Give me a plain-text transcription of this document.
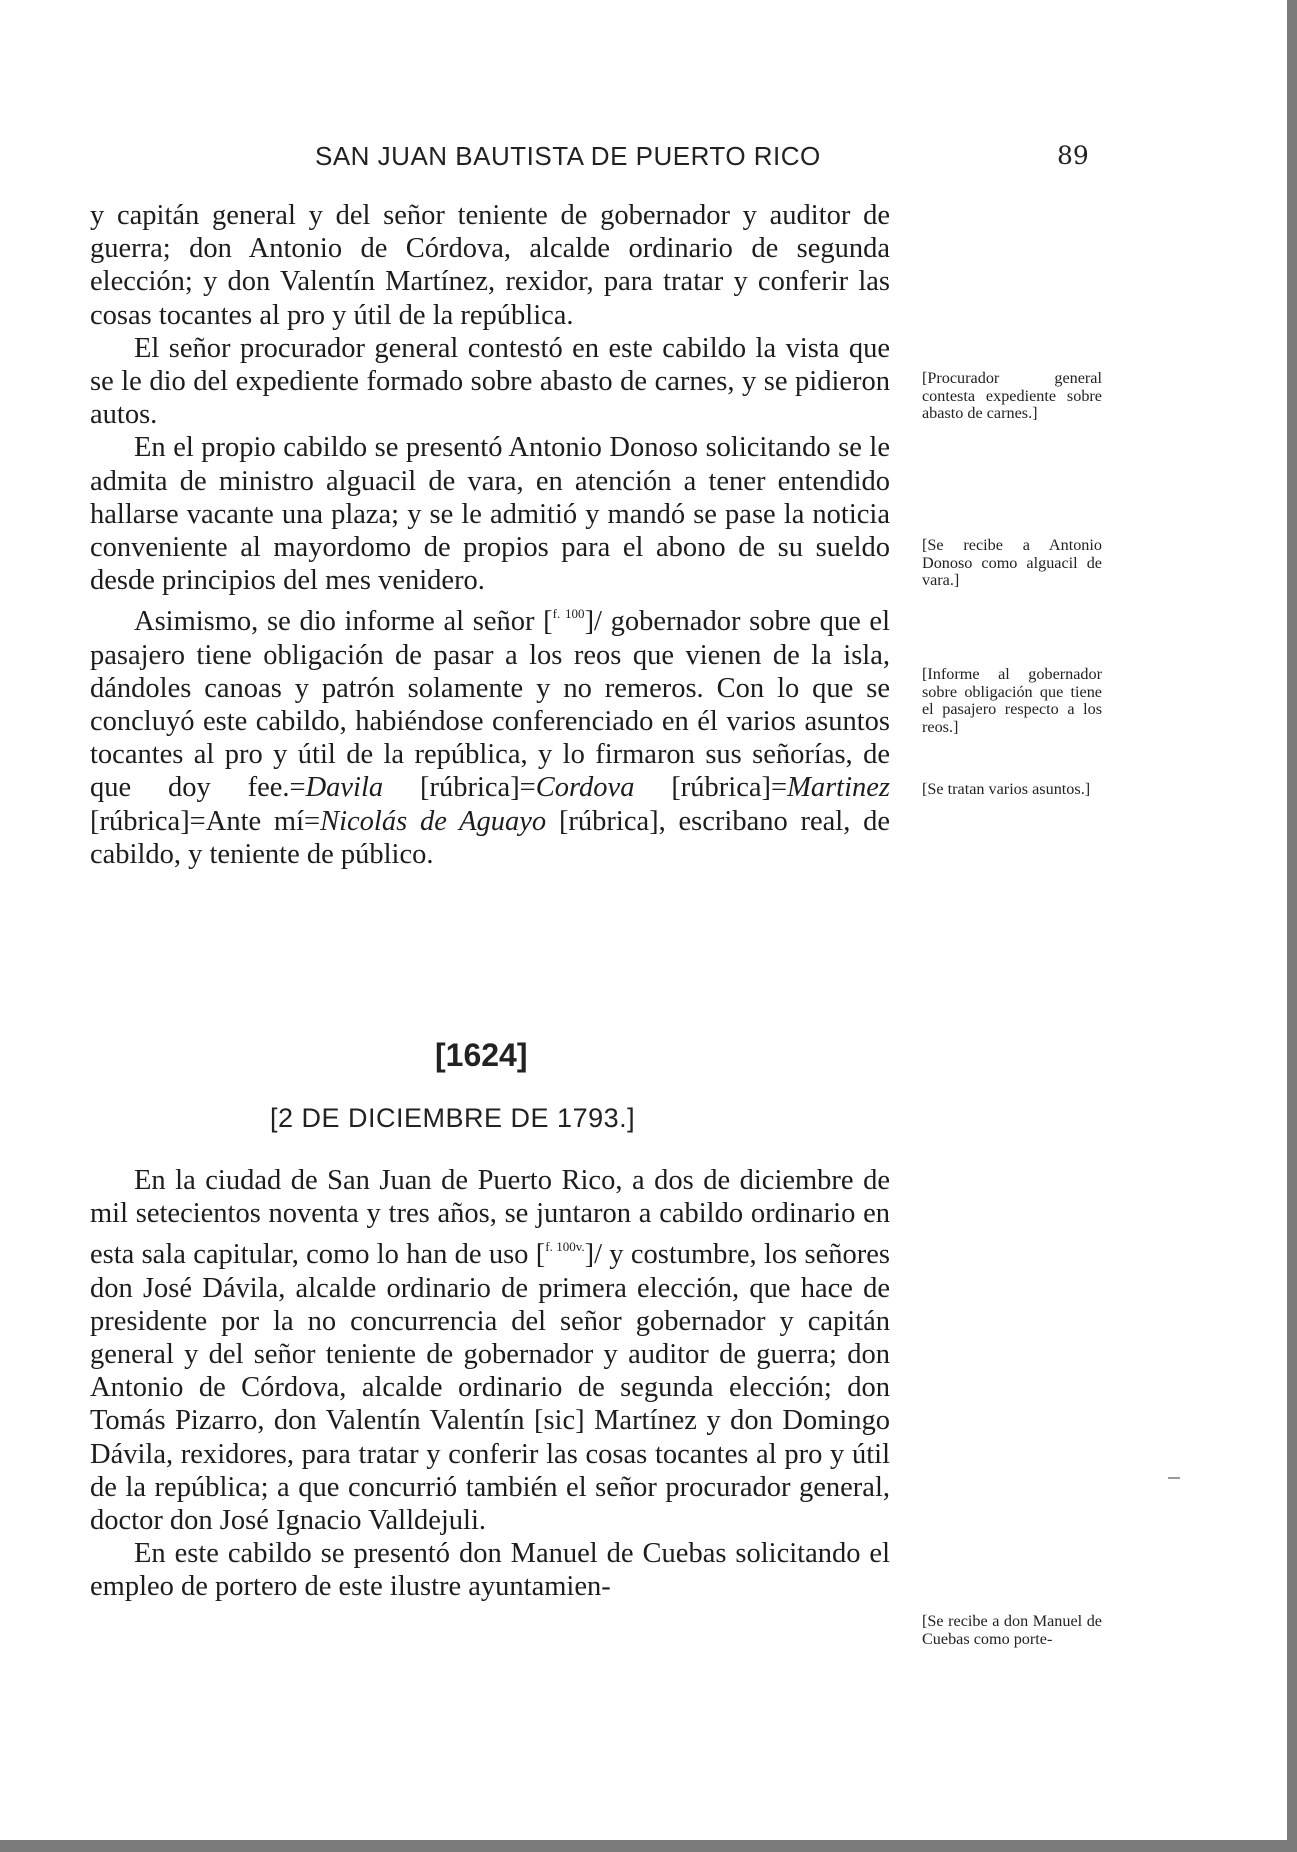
SAN JUAN BAUTISTA DE PUERTO RICO	89

y capitán general y del señor teniente de gobernador y auditor de guerra; don Antonio de Córdova, alcalde ordinario de segunda elección; y don Valentín Martínez, rexidor, para tratar y conferir las cosas tocantes al pro y útil de la república.

El señor procurador general contestó en este cabildo la vista que se le dio del expediente formado sobre abasto de carnes, y se pidieron autos.

En el propio cabildo se presentó Antonio Donoso solicitando se le admita de ministro alguacil de vara, en atención a tener entendido hallarse vacante una plaza; y se le admitió y mandó se pase la noticia conveniente al mayordomo de propios para el abono de su sueldo desde principios del mes venidero.

Asimismo, se dio informe al señor [$^{f. 100}$]/ gobernador sobre que el pasajero tiene obligación de pasar a los reos que vienen de la isla, dándoles canoas y patrón solamente y no remeros. Con lo que se concluyó este cabildo, habiéndose conferenciado en él varios asuntos tocantes al pro y útil de la república, y lo firmaron sus señorías, de que doy fee.=Davila [rúbrica]=Cordova [rúbrica]=Martinez [rúbrica]=Ante mí=Nicolás de Aguayo [rúbrica], escribano real, de cabildo, y teniente de público.

[1624]
[2 DE DICIEMBRE DE 1793.]

En la ciudad de San Juan de Puerto Rico, a dos de diciembre de mil setecientos noventa y tres años, se juntaron a cabildo ordinario en esta sala capitular, como lo han de uso [$^{f. 100v.}$]/ y costumbre, los señores don José Dávila, alcalde ordinario de primera elección, que hace de presidente por la no concurrencia del señor gobernador y capitán general y del señor teniente de gobernador y auditor de guerra; don Antonio de Córdova, alcalde ordinario de segunda elección; don Tomás Pizarro, don Valentín Valentín [sic] Martínez y don Domingo Dávila, rexidores, para tratar y conferir las cosas tocantes al pro y útil de la república; a que concurrió también el señor procurador general, doctor don José Ignacio Valldejuli.

En este cabildo se presentó don Manuel de Cuebas solicitando el empleo de portero de este ilustre ayuntamien-

[Procurador general contesta expediente sobre abasto de carnes.]
[Se recibe a Antonio Donoso como alguacil de vara.]
[Informe al gobernador sobre obligación que tiene el pasajero respecto a los reos.]
[Se tratan varios asuntos.]
[Se recibe a don Manuel de Cuebas como porte-
